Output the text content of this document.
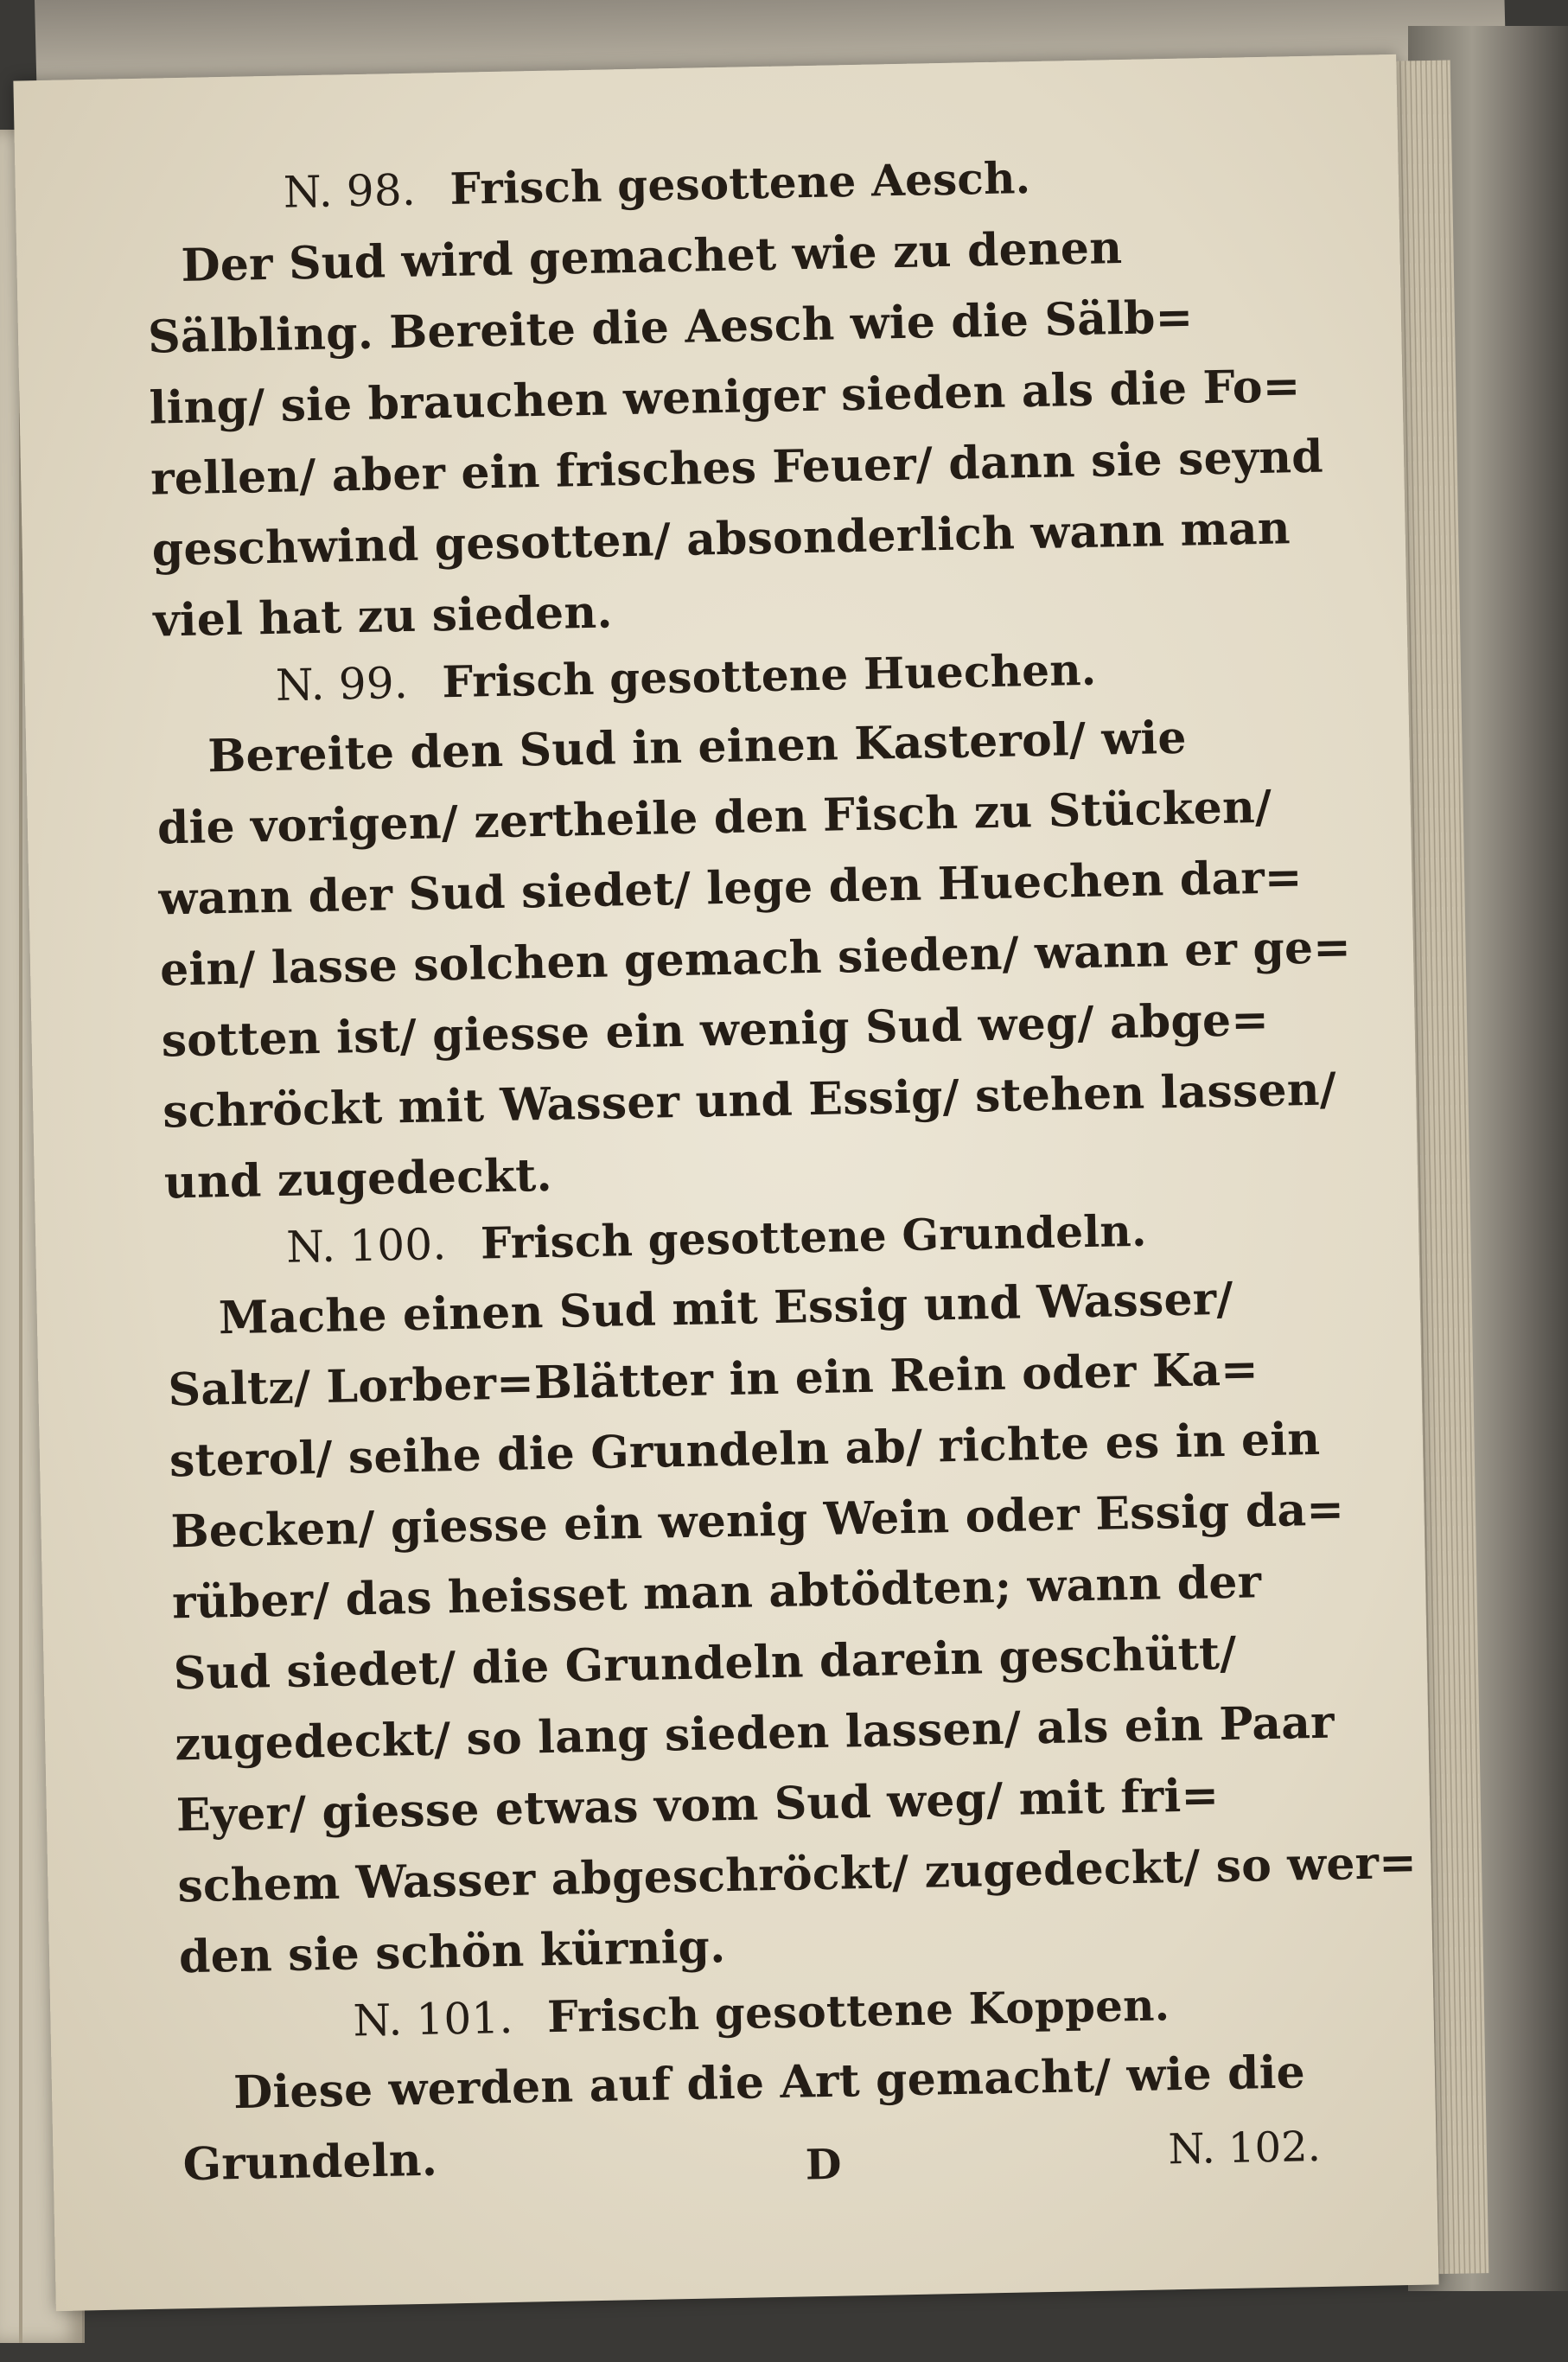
N. 98. Frisch gesottene Aesch.
Der Sud wird gemachet wie zu denen
Sälbling. Bereite die Aesch wie die Sälb=
ling/ sie brauchen weniger sieden als die Fo=
rellen/ aber ein frisches Feuer/ dann sie seynd
geschwind gesotten/ absonderlich wann man
viel hat zu sieden.
N. 99. Frisch gesottene Huechen.
Bereite den Sud in einen Kasterol/ wie
die vorigen/ zertheile den Fisch zu Stücken/
wann der Sud siedet/ lege den Huechen dar=
ein/ lasse solchen gemach sieden/ wann er ge=
sotten ist/ giesse ein wenig Sud weg/ abge=
schröckt mit Wasser und Essig/ stehen lassen/
und zugedeckt.
N. 100. Frisch gesottene Grundeln.
Mache einen Sud mit Essig und Wasser/
Saltz/ Lorber=Blätter in ein Rein oder Ka=
sterol/ seihe die Grundeln ab/ richte es in ein
Becken/ giesse ein wenig Wein oder Essig da=
rüber/ das heisset man abtödten; wann der
Sud siedet/ die Grundeln darein geschütt/
zugedeckt/ so lang sieden lassen/ als ein Paar
Eyer/ giesse etwas vom Sud weg/ mit fri=
schem Wasser abgeschröckt/ zugedeckt/ so wer=
den sie schön kürnig.
N. 101. Frisch gesottene Koppen.
Diese werden auf die Art gemacht/ wie die
Grundeln.	D	N. 102.
